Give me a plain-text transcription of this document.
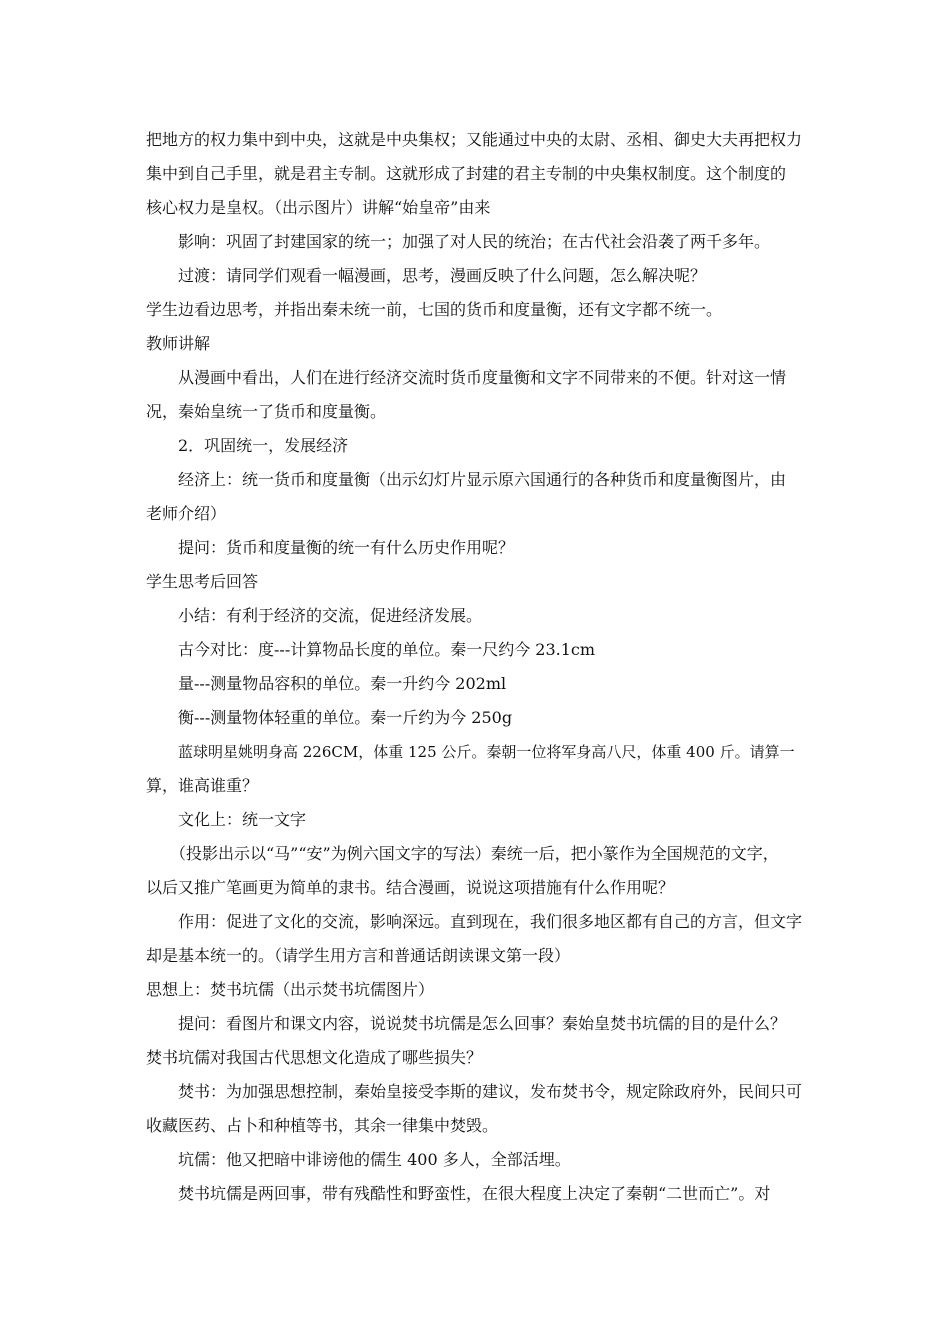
把地方的权力集中到中央，这就是中央集权；又能通过中央的太尉、丞相、御史大夫再把权力
集中到自己手里，就是君主专制。这就形成了封建的君主专制的中央集权制度。这个制度的
核心权力是皇权。（出示图片）讲解“始皇帝”由来
影响：巩固了封建国家的统一；加强了对人民的统治；在古代社会沿袭了两千多年。
过渡：请同学们观看一幅漫画，思考，漫画反映了什么问题，怎么解决呢？
学生边看边思考，并指出秦未统一前，七国的货币和度量衡，还有文字都不统一。
教师讲解
从漫画中看出，人们在进行经济交流时货币度量衡和文字不同带来的不便。针对这一情
况，秦始皇统一了货币和度量衡。
2．巩固统一，发展经济
经济上：统一货币和度量衡（出示幻灯片显示原六国通行的各种货币和度量衡图片，由
老师介绍）
提问：货币和度量衡的统一有什么历史作用呢？
学生思考后回答
小结：有利于经济的交流，促进经济发展。
古今对比：度---计算物品长度的单位。秦一尺约今 23.1cm
量---测量物品容积的单位。秦一升约今 202ml
衡---测量物体轻重的单位。秦一斤约为今 250g
蓝球明星姚明身高 226CM，体重 125 公斤。秦朝一位将军身高八尺，体重 400 斤。请算一
算，谁高谁重？
文化上：统一文字
（投影出示以“马”“安”为例六国文字的写法）秦统一后，把小篆作为全国规范的文字，
以后又推广笔画更为简单的隶书。结合漫画，说说这项措施有什么作用呢？
作用：促进了文化的交流，影响深远。直到现在，我们很多地区都有自己的方言，但文字
却是基本统一的。（请学生用方言和普通话朗读课文第一段）
思想上：焚书坑儒（出示焚书坑儒图片）
提问：看图片和课文内容，说说焚书坑儒是怎么回事？秦始皇焚书坑儒的目的是什么？
焚书坑儒对我国古代思想文化造成了哪些损失？
焚书：为加强思想控制，秦始皇接受李斯的建议，发布焚书令，规定除政府外，民间只可
收藏医药、占卜和种植等书，其余一律集中焚毁。
坑儒：他又把暗中诽谤他的儒生 400 多人，全部活埋。
焚书坑儒是两回事，带有残酷性和野蛮性，在很大程度上决定了秦朝“二世而亡”。对
